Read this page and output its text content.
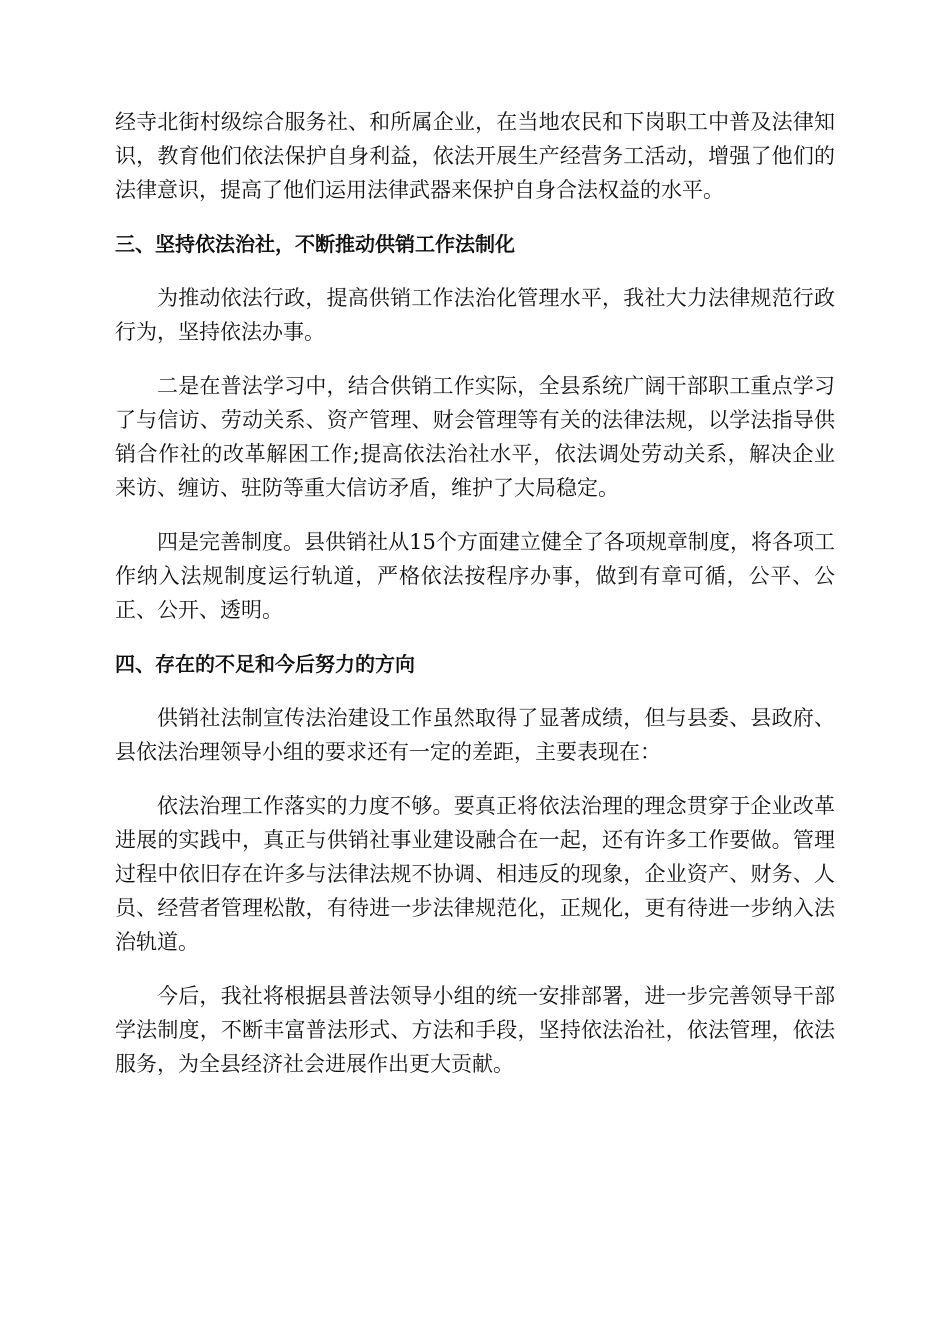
经寺北街村级综合服务社、和所属企业，在当地农民和下岗职工中普及法律知识，教育他们依法保护自身利益，依法开展生产经营务工活动，增强了他们的法律意识，提高了他们运用法律武器来保护自身合法权益的水平。

三、坚持依法治社，不断推动供销工作法制化

为推动依法行政，提高供销工作法治化管理水平，我社大力法律规范行政行为，坚持依法办事。

二是在普法学习中，结合供销工作实际，全县系统广阔干部职工重点学习了与信访、劳动关系、资产管理、财会管理等有关的法律法规，以学法指导供销合作社的改革解困工作;提高依法治社水平，依法调处劳动关系，解决企业来访、缠访、驻防等重大信访矛盾，维护了大局稳定。

四是完善制度。县供销社从15个方面建立健全了各项规章制度，将各项工作纳入法规制度运行轨道，严格依法按程序办事，做到有章可循，公平、公正、公开、透明。

四、存在的不足和今后努力的方向

供销社法制宣传法治建设工作虽然取得了显著成绩，但与县委、县政府、县依法治理领导小组的要求还有一定的差距，主要表现在：

依法治理工作落实的力度不够。要真正将依法治理的理念贯穿于企业改革进展的实践中，真正与供销社事业建设融合在一起，还有许多工作要做。管理过程中依旧存在许多与法律法规不协调、相违反的现象，企业资产、财务、人员、经营者管理松散，有待进一步法律规范化，正规化，更有待进一步纳入法治轨道。

今后，我社将根据县普法领导小组的统一安排部署，进一步完善领导干部学法制度，不断丰富普法形式、方法和手段，坚持依法治社，依法管理，依法服务，为全县经济社会进展作出更大贡献。
